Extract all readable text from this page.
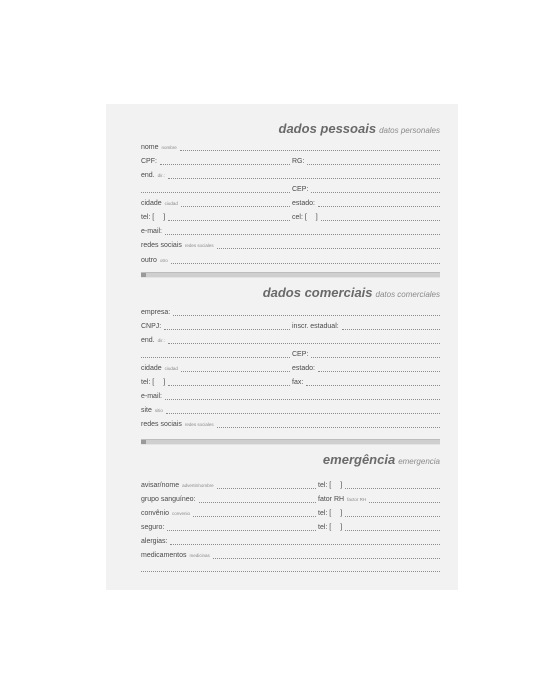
dados pessoais datos personales
nome nombre
CPF:	RG:
end. dir.:
CEP:
cidade ciudad	estado:
tel: [ ]	cel: [ ]
e-mail:
redes sociais redes sociales
outro otro
dados comerciais datos comerciales
empresa:
CNPJ:	inscr. estadual:
end. dir.:
CEP:
cidade ciudad	estado:
tel: [ ]	fax:
e-mail:
site sitio
redes sociais redes sociales
emergência emergencia
avisar/nome advertir/nombre	tel: [ ]
grupo sanguíneo:	fator RH factor RH
convênio convenio	tel: [ ]
seguro:	tel: [ ]
alergias:
medicamentos medicinas
